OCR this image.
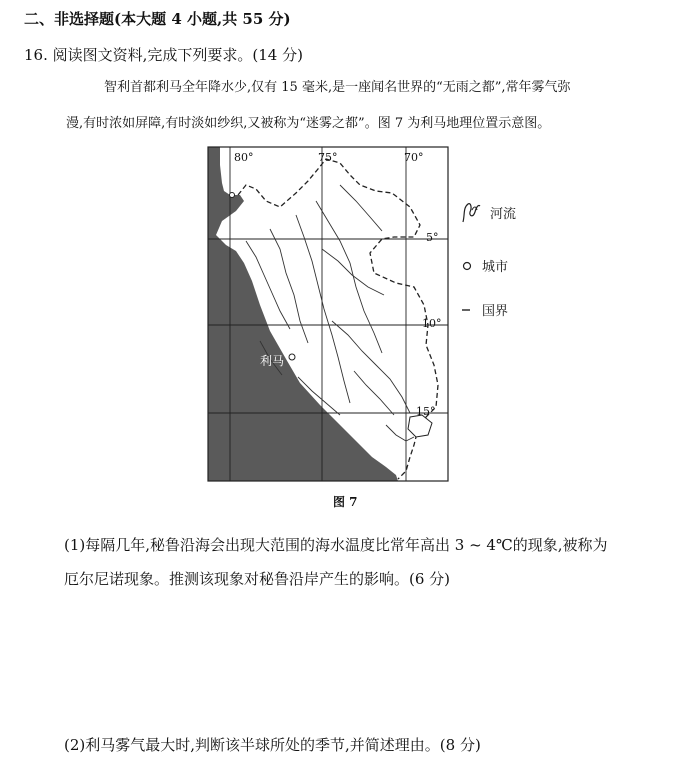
二、非选择题(本大题 4 小题,共 55 分)
16. 阅读图文资料,完成下列要求。(14 分)
智利首都利马全年降水少,仅有 15 毫米,是一座闻名世界的“无雨之都”,常年雾气弥
漫,有时浓如屏障,有时淡如纱织,又被称为“迷雾之都”。图 7 为利马地理位置示意图。
80°	75°	70°
5°
10°
15°
利马
河流
城市
国界
图 7
(1)每隔几年,秘鲁沿海会出现大范围的海水温度比常年高出 3 ~ 4℃的现象,被称为
厄尔尼诺现象。推测该现象对秘鲁沿岸产生的影响。(6 分)
(2)利马雾气最大时,判断该半球所处的季节,并简述理由。(8 分)
